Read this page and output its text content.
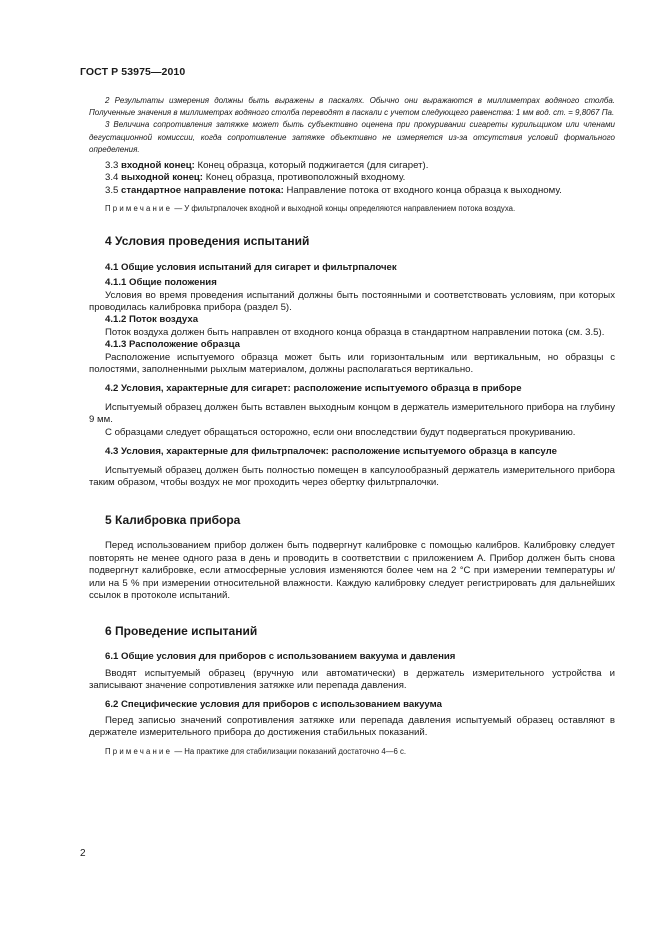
ГОСТ Р 53975—2010

2 Результаты измерения должны быть выражены в паскалях. Обычно они выражаются в миллиметрах водяного столба. Полученные значения в миллиметрах водяного столба переводят в паскали с учетом следующего равенства: 1 мм вод. ст. = 9,8067 Па.

3 Величина сопротивления затяжке может быть субъективно оценена при прокуривании сигареты курильщиком или членами дегустационной комиссии, когда сопротивление затяжке объективно не измеряется из-за отсутствия условий формального определения.

3.3 входной конец: Конец образца, который поджигается (для сигарет).

3.4 выходной конец: Конец образца, противоположный входному.

3.5 стандартное направление потока: Направление потока от входного конца образца к выходному.

Примечание — У фильтрпалочек входной и выходной концы определяются направлением потока воздуха.

4 Условия проведения испытаний

4.1 Общие условия испытаний для сигарет и фильтрпалочек

4.1.1 Общие положения

Условия во время проведения испытаний должны быть постоянными и соответствовать условиям, при которых проводилась калибровка прибора (раздел 5).

4.1.2 Поток воздуха

Поток воздуха должен быть направлен от входного конца образца в стандартном направлении потока (см. 3.5).

4.1.3 Расположение образца

Расположение испытуемого образца может быть или горизонтальным или вертикальным, но образцы с полостями, заполненными рыхлым материалом, должны располагаться вертикально.

4.2 Условия, характерные для сигарет: расположение испытуемого образца в приборе

Испытуемый образец должен быть вставлен выходным концом в держатель измерительного прибора на глубину 9 мм.

С образцами следует обращаться осторожно, если они впоследствии будут подвергаться прокуриванию.

4.3 Условия, характерные для фильтрпалочек: расположение испытуемого образца в капсуле

Испытуемый образец должен быть полностью помещен в капсулообразный держатель измерительного прибора таким образом, чтобы воздух не мог проходить через обертку фильтрпалочки.

5 Калибровка прибора

Перед использованием прибор должен быть подвергнут калибровке с помощью калибров. Калибровку следует повторять не менее одного раза в день и проводить в соответствии с приложением А. Прибор должен быть снова подвергнут калибровке, если атмосферные условия изменяются более чем на 2 °С при измерении температуры и/или на 5 % при измерении относительной влажности. Каждую калибровку следует регистрировать для дальнейших ссылок в протоколе испытаний.

6 Проведение испытаний

6.1 Общие условия для приборов с использованием вакуума и давления

Вводят испытуемый образец (вручную или автоматически) в держатель измерительного устройства и записывают значение сопротивления затяжке или перепада давления.

6.2 Специфические условия для приборов с использованием вакуума

Перед записью значений сопротивления затяжке или перепада давления испытуемый образец оставляют в держателе измерительного прибора до достижения стабильных показаний.

Примечание — На практике для стабилизации показаний достаточно 4—6 с.

2
